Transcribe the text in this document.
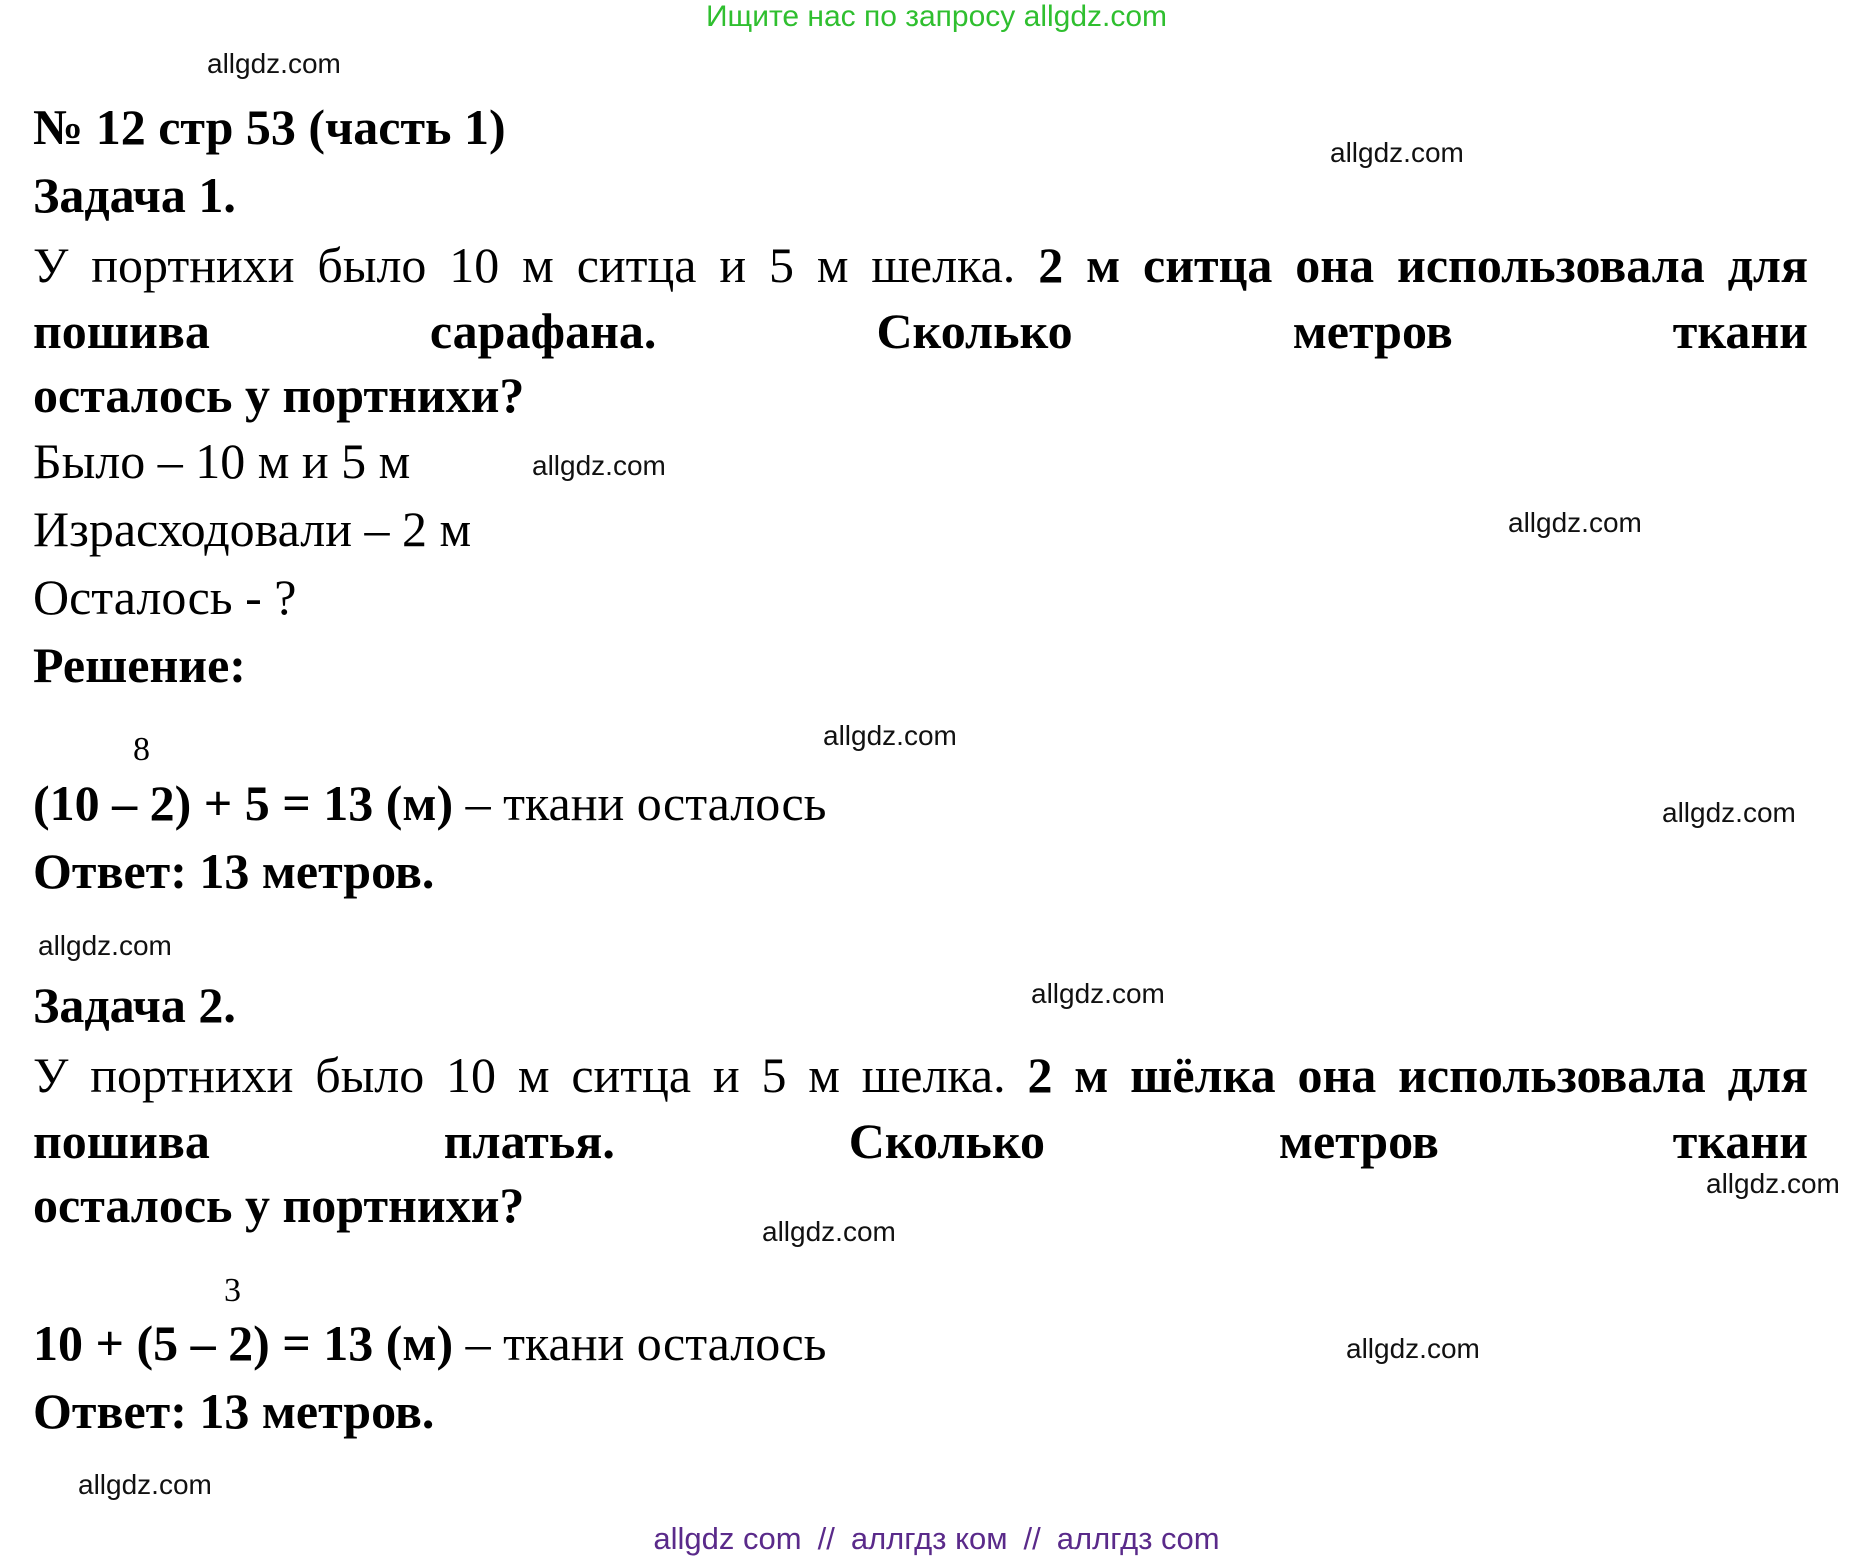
Ищите нас по запросу allgdz.com
allgdz.com
allgdz.com
allgdz.com
allgdz.com
allgdz.com
allgdz.com
allgdz.com
allgdz.com
allgdz.com
allgdz.com
allgdz.com
allgdz.com
№ 12 стр 53 (часть 1)
Задача 1.
У портнихи было 10 м ситца и 5 м шелка. 2 м ситца она использовала для пошива сарафана. Сколько метров ткани
осталось у портнихи?
Было – 10 м и 5 м
Израсходовали – 2 м
Осталось - ?
Решение:
8
(10 – 2) + 5 = 13 (м) – ткани осталось
Ответ: 13 метров.
Задача 2.
У портнихи было 10 м ситца и 5 м шелка. 2 м шёлка она использовала для пошива платья. Сколько метров ткани
осталось у портнихи?
3
10 + (5 – 2) = 13 (м) – ткани осталось
Ответ: 13 метров.
allgdz com // аллгдз ком // аллгдз com
